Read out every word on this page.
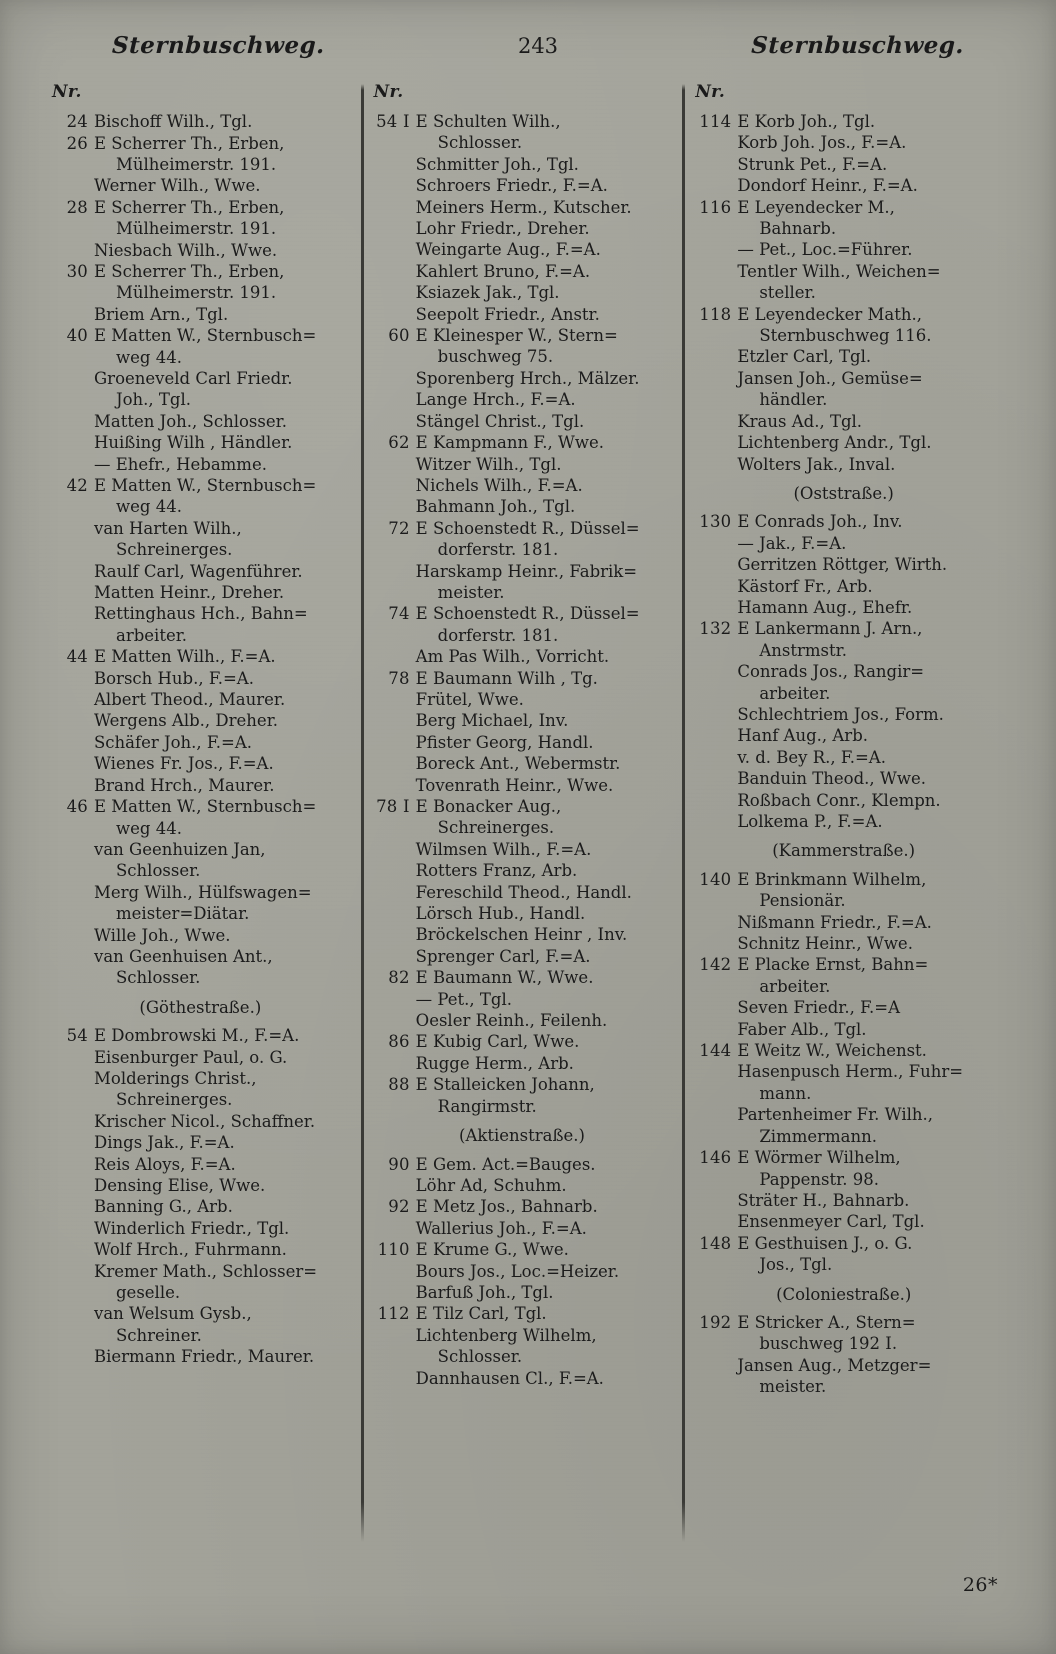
Sternbuschweg.	243	Sternbuschweg.
Nr.
24 Bischoff Wilh., Tgl.
26 E Scherrer Th., Erben,
Mülheimerstr. 191.
Werner Wilh., Wwe.
28 E Scherrer Th., Erben,
Mülheimerstr. 191.
Niesbach Wilh., Wwe.
30 E Scherrer Th., Erben,
Mülheimerstr. 191.
Briem Arn., Tgl.
40 E Matten W., Sternbusch=
weg 44.
Groeneveld Carl Friedr.
Joh., Tgl.
Matten Joh., Schlosser.
Huißing Wilh , Händler.
— Ehefr., Hebamme.
42 E Matten W., Sternbusch=
weg 44.
van Harten Wilh.,
Schreinerges.
Raulf Carl, Wagenführer.
Matten Heinr., Dreher.
Rettinghaus Hch., Bahn=
arbeiter.
44 E Matten Wilh., F.=A.
Borsch Hub., F.=A.
Albert Theod., Maurer.
Wergens Alb., Dreher.
Schäfer Joh., F.=A.
Wienes Fr. Jos., F.=A.
Brand Hrch., Maurer.
46 E Matten W., Sternbusch=
weg 44.
van Geenhuizen Jan,
Schlosser.
Merg Wilh., Hülfswagen=
meister=Diätar.
Wille Joh., Wwe.
van Geenhuisen Ant.,
Schlosser.
(Göthestraße.)
54 E Dombrowski M., F.=A.
Eisenburger Paul, o. G.
Molderings Christ.,
Schreinerges.
Krischer Nicol., Schaffner.
Dings Jak., F.=A.
Reis Aloys, F.=A.
Densing Elise, Wwe.
Banning G., Arb.
Winderlich Friedr., Tgl.
Wolf Hrch., Fuhrmann.
Kremer Math., Schlosser=
geselle.
van Welsum Gysb.,
Schreiner.
Biermann Friedr., Maurer.
Nr.
54 I E Schulten Wilh.,
Schlosser.
Schmitter Joh., Tgl.
Schroers Friedr., F.=A.
Meiners Herm., Kutscher.
Lohr Friedr., Dreher.
Weingarte Aug., F.=A.
Kahlert Bruno, F.=A.
Ksiazek Jak., Tgl.
Seepolt Friedr., Anstr.
60 E Kleinesper W., Stern=
buschweg 75.
Sporenberg Hrch., Mälzer.
Lange Hrch., F.=A.
Stängel Christ., Tgl.
62 E Kampmann F., Wwe.
Witzer Wilh., Tgl.
Nichels Wilh., F.=A.
Bahmann Joh., Tgl.
72 E Schoenstedt R., Düssel=
dorferstr. 181.
Harskamp Heinr., Fabrik=
meister.
74 E Schoenstedt R., Düssel=
dorferstr. 181.
Am Pas Wilh., Vorricht.
78 E Baumann Wilh , Tg.
Frütel, Wwe.
Berg Michael, Inv.
Pfister Georg, Handl.
Boreck Ant., Webermstr.
Tovenrath Heinr., Wwe.
78 I E Bonacker Aug.,
Schreinerges.
Wilmsen Wilh., F.=A.
Rotters Franz, Arb.
Fereschild Theod., Handl.
Lörsch Hub., Handl.
Bröckelschen Heinr , Inv.
Sprenger Carl, F.=A.
82 E Baumann W., Wwe.
— Pet., Tgl.
Oesler Reinh., Feilenh.
86 E Kubig Carl, Wwe.
Rugge Herm., Arb.
88 E Stalleicken Johann,
Rangirmstr.
(Aktienstraße.)
90 E Gem. Act.=Bauges.
Löhr Ad, Schuhm.
92 E Metz Jos., Bahnarb.
Wallerius Joh., F.=A.
110 E Krume G., Wwe.
Bours Jos., Loc.=Heizer.
Barfuß Joh., Tgl.
112 E Tilz Carl, Tgl.
Lichtenberg Wilhelm,
Schlosser.
Dannhausen Cl., F.=A.
Nr.
114 E Korb Joh., Tgl.
Korb Joh. Jos., F.=A.
Strunk Pet., F.=A.
Dondorf Heinr., F.=A.
116 E Leyendecker M.,
Bahnarb.
— Pet., Loc.=Führer.
Tentler Wilh., Weichen=
steller.
118 E Leyendecker Math.,
Sternbuschweg 116.
Etzler Carl, Tgl.
Jansen Joh., Gemüse=
händler.
Kraus Ad., Tgl.
Lichtenberg Andr., Tgl.
Wolters Jak., Inval.
(Oststraße.)
130 E Conrads Joh., Inv.
— Jak., F.=A.
Gerritzen Röttger, Wirth.
Kästorf Fr., Arb.
Hamann Aug., Ehefr.
132 E Lankermann J. Arn.,
Anstrmstr.
Conrads Jos., Rangir=
arbeiter.
Schlechtriem Jos., Form.
Hanf Aug., Arb.
v. d. Bey R., F.=A.
Banduin Theod., Wwe.
Roßbach Conr., Klempn.
Lolkema P., F.=A.
(Kammerstraße.)
140 E Brinkmann Wilhelm,
Pensionär.
Nißmann Friedr., F.=A.
Schnitz Heinr., Wwe.
142 E Placke Ernst, Bahn=
arbeiter.
Seven Friedr., F.=A
Faber Alb., Tgl.
144 E Weitz W., Weichenst.
Hasenpusch Herm., Fuhr=
mann.
Partenheimer Fr. Wilh.,
Zimmermann.
146 E Wörmer Wilhelm,
Pappenstr. 98.
Sträter H., Bahnarb.
Ensenmeyer Carl, Tgl.
148 E Gesthuisen J., o. G.
Jos., Tgl.
(Coloniestraße.)
192 E Stricker A., Stern=
buschweg 192 I.
Jansen Aug., Metzger=
meister.
26*
